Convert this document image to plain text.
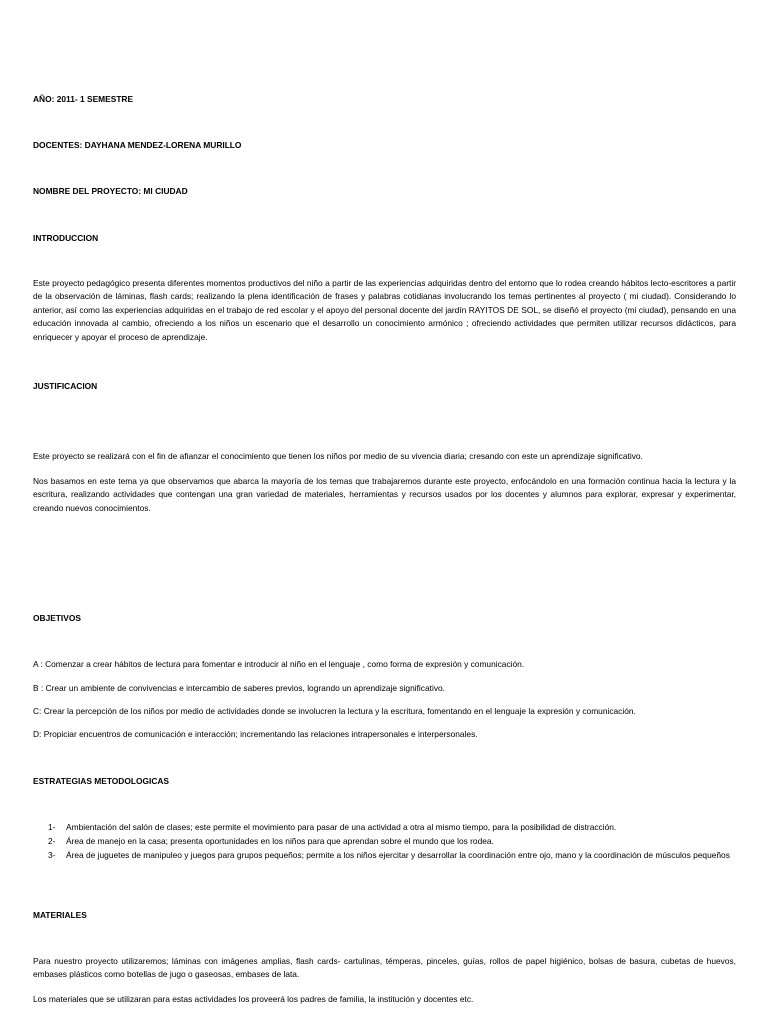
AÑO: 2011- 1 SEMESTRE

DOCENTES: DAYHANA MENDEZ-LORENA MURILLO

NOMBRE DEL PROYECTO: MI CIUDAD

INTRODUCCION

Este proyecto pedagógico presenta diferentes momentos productivos del niño a partir de las experiencias adquiridas dentro del entorno que lo rodea creando hábitos lecto-escritores a partir de la observación de láminas, flash cards; realizando la plena identificación de frases y palabras cotidianas involucrando los temas pertinentes al proyecto ( mi ciudad). Considerando lo anterior, así como las experiencias adquiridas en el trabajo de red escolar y el apoyo del personal docente del jardín RAYITOS DE SOL, se diseñó el proyecto (mi ciudad), pensando en una educación innovada al cambio, ofreciendo a los niños un escenario que el desarrollo un conocimiento armónico ; ofreciendo actividades que permiten utilizar recursos didácticos, para enriquecer y apoyar el proceso de aprendizaje.

JUSTIFICACION

Este proyecto se realizará con el fin de afianzar el conocimiento que tienen los niños por medio de su vivencia diaria; cresando con este un aprendizaje significativo.

Nos basamos en este tema ya que observamos que abarca la mayoría de los temas que trabajaremos durante este proyecto, enfocándolo en una formación continua hacia la lectura y la escritura, realizando actividades que contengan una gran variedad de materiales, herramientas y recursos usados por los docentes y alumnos para explorar, expresar y experimentar, creando nuevos conocimientos.

OBJETIVOS

A : Comenzar a crear hábitos de lectura para fomentar e introducir al niño en el lenguaje , como forma de expresión y comunicación.

B : Crear un ambiente de convivencias e intercambio de saberes previos, logrando un aprendizaje significativo.

C: Crear la percepción de los niños por medio de actividades donde se involucren la lectura y la escritura, fomentando en el lenguaje la expresión y comunicación.

D: Propiciar encuentros de comunicación e interacción; incrementando las relaciones intrapersonales e interpersonales.

ESTRATEGIAS METODOLOGICAS

1- Ambientación del salón de clases; este permite el movimiento para pasar de una actividad a otra al mismo tiempo, para la posibilidad de distracción.
2- Área de manejo en la casa; presenta oportunidades en los niños para que aprendan sobre el mundo que los rodea.
3- Área de juguetes de manipuleo y juegos para grupos pequeños; permite a los niños ejercitar y desarrollar la coordinación entre ojo, mano y la coordinación de músculos pequeños

MATERIALES

Para nuestro proyecto utilizaremos; láminas con imágenes amplias, flash cards- cartulinas, témperas, pinceles, guías, rollos de papel higiénico, bolsas de basura, cubetas de huevos, embases plásticos como botellas de jugo o gaseosas, embases de lata.

Los materiales que se utilizaran para estas actividades los proveerá los padres de familia, la institución y docentes etc.
